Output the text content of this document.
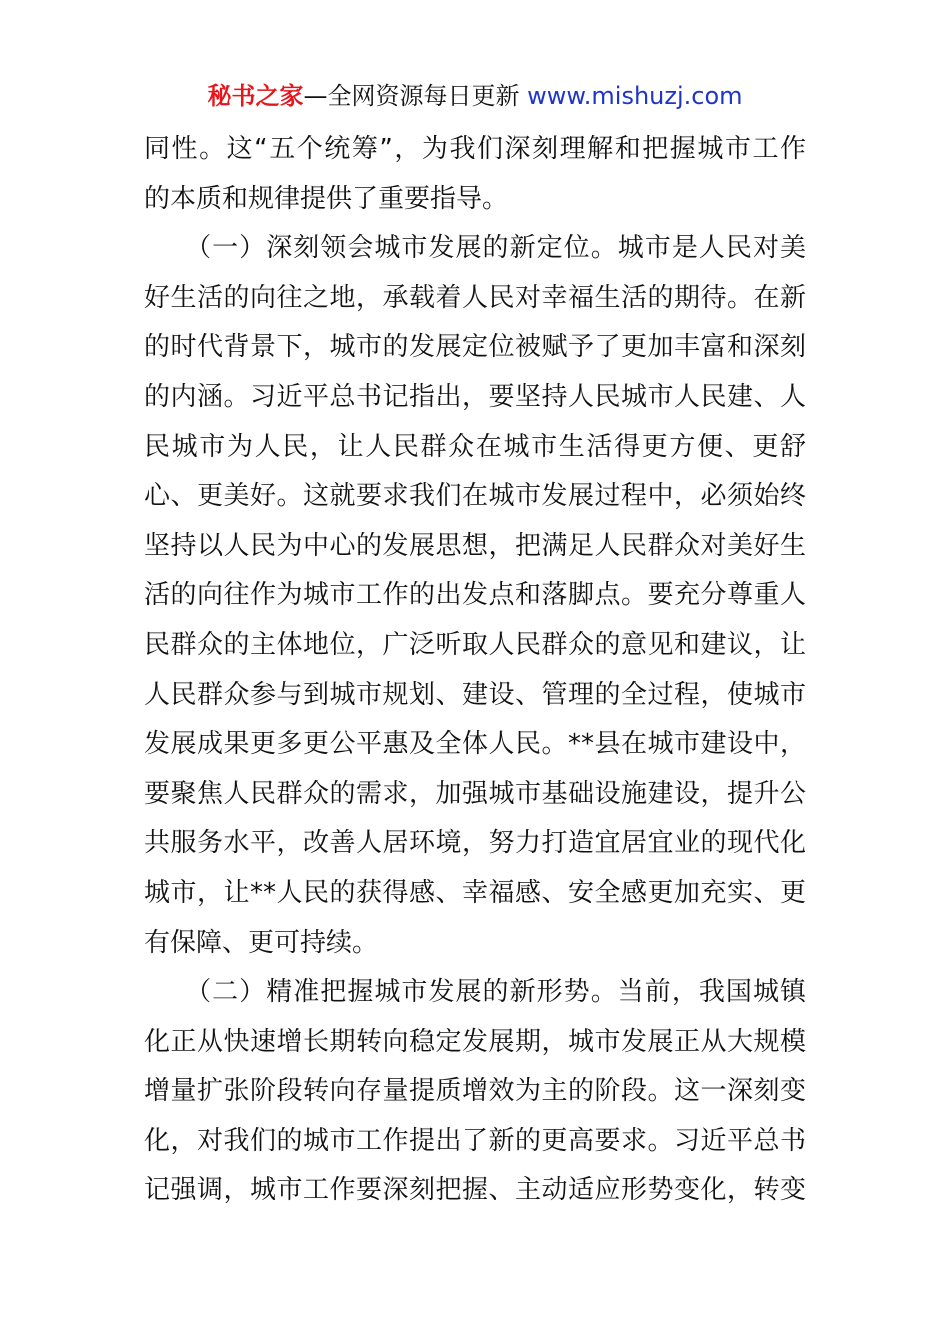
秘书之家—全网资源每日更新 www.mishuzj.com
同性。这“五个统筹”，为我们深刻理解和把握城市工作
的本质和规律提供了重要指导。
　　（一）深刻领会城市发展的新定位。城市是人民对美
好生活的向往之地，承载着人民对幸福生活的期待。在新
的时代背景下，城市的发展定位被赋予了更加丰富和深刻
的内涵。习近平总书记指出，要坚持人民城市人民建、人
民城市为人民，让人民群众在城市生活得更方便、更舒
心、更美好。这就要求我们在城市发展过程中，必须始终
坚持以人民为中心的发展思想，把满足人民群众对美好生
活的向往作为城市工作的出发点和落脚点。要充分尊重人
民群众的主体地位，广泛听取人民群众的意见和建议，让
人民群众参与到城市规划、建设、管理的全过程，使城市
发展成果更多更公平惠及全体人民。**县在城市建设中，
要聚焦人民群众的需求，加强城市基础设施建设，提升公
共服务水平，改善人居环境，努力打造宜居宜业的现代化
城市，让**人民的获得感、幸福感、安全感更加充实、更
有保障、更可持续。
　　（二）精准把握城市发展的新形势。当前，我国城镇
化正从快速增长期转向稳定发展期，城市发展正从大规模
增量扩张阶段转向存量提质增效为主的阶段。这一深刻变
化，对我们的城市工作提出了新的更高要求。习近平总书
记强调，城市工作要深刻把握、主动适应形势变化，转变
